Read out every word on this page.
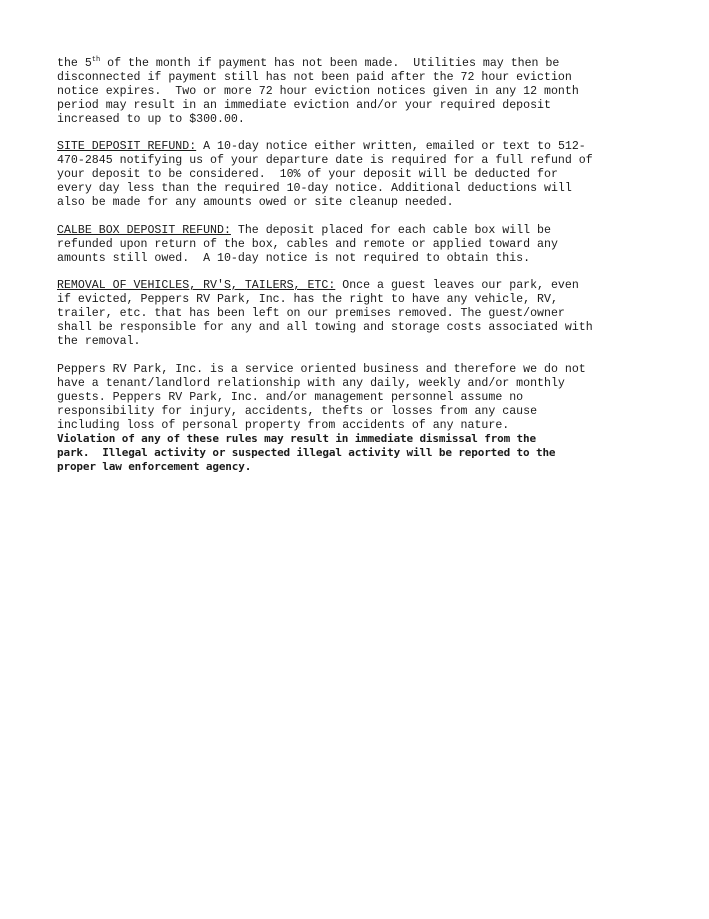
the 5th of the month if payment has not been made.  Utilities may then be
disconnected if payment still has not been paid after the 72 hour eviction
notice expires.  Two or more 72 hour eviction notices given in any 12 month
period may result in an immediate eviction and/or your required deposit
increased to up to $300.00.
SITE DEPOSIT REFUND: A 10-day notice either written, emailed or text to 512-
470-2845 notifying us of your departure date is required for a full refund of
your deposit to be considered.  10% of your deposit will be deducted for
every day less than the required 10-day notice. Additional deductions will
also be made for any amounts owed or site cleanup needed.
CALBE BOX DEPOSIT REFUND: The deposit placed for each cable box will be
refunded upon return of the box, cables and remote or applied toward any
amounts still owed.  A 10-day notice is not required to obtain this.
REMOVAL OF VEHICLES, RV'S, TAILERS, ETC: Once a guest leaves our park, even
if evicted, Peppers RV Park, Inc. has the right to have any vehicle, RV,
trailer, etc. that has been left on our premises removed. The guest/owner
shall be responsible for any and all towing and storage costs associated with
the removal.
Peppers RV Park, Inc. is a service oriented business and therefore we do not
have a tenant/landlord relationship with any daily, weekly and/or monthly
guests. Peppers RV Park, Inc. and/or management personnel assume no
responsibility for injury, accidents, thefts or losses from any cause
including loss of personal property from accidents of any nature.
Violation of any of these rules may result in immediate dismissal from the
park.  Illegal activity or suspected illegal activity will be reported to the
proper law enforcement agency.
